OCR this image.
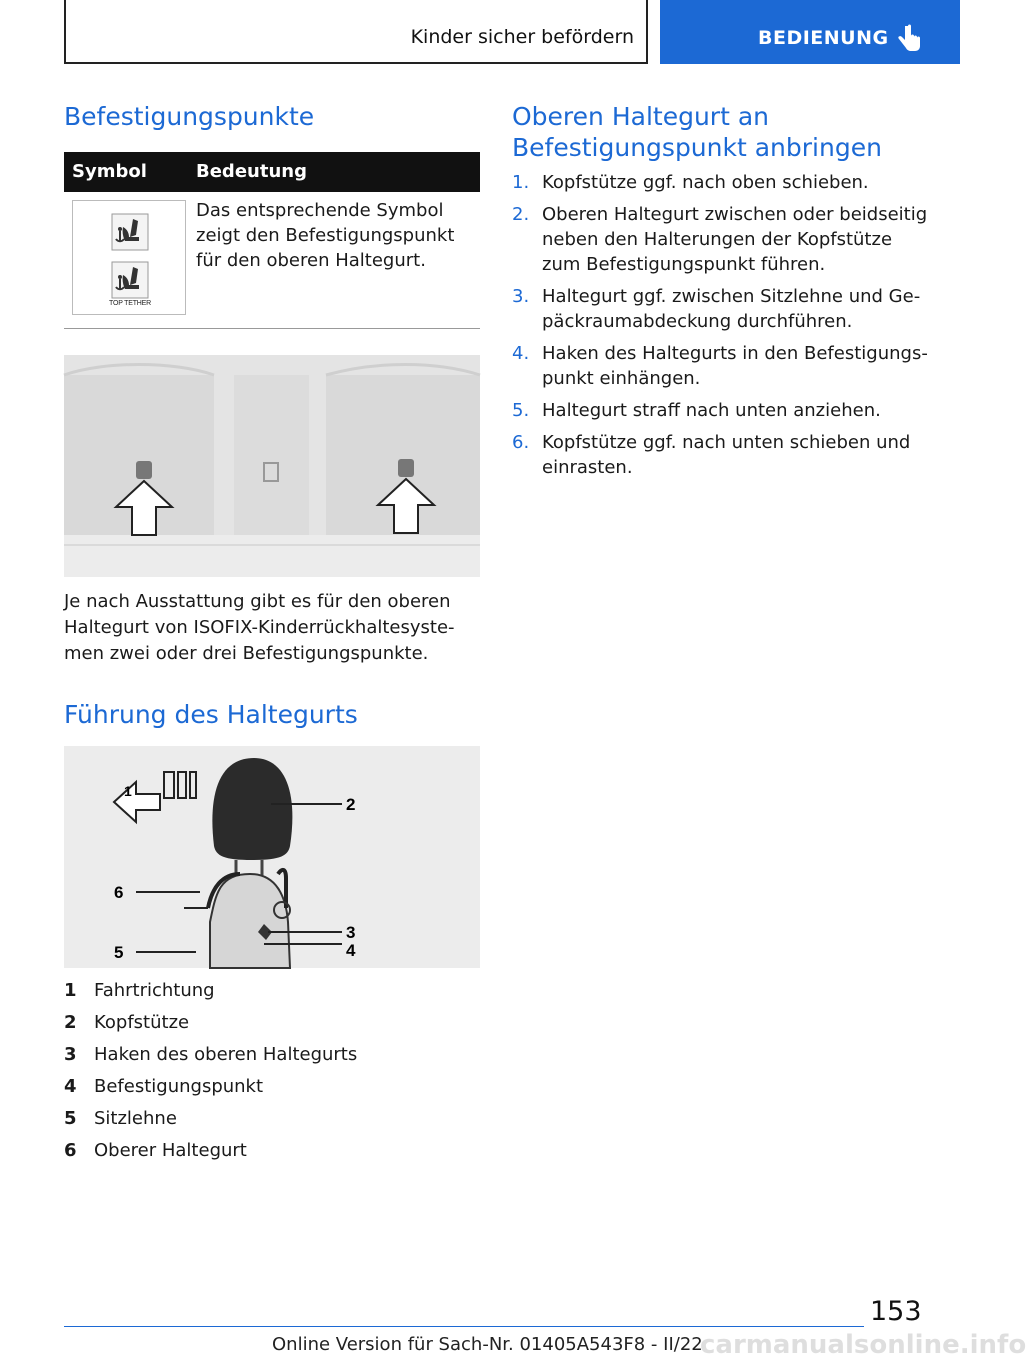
Kinder sicher befördern	BEDIENUNG
Befestigungspunkte
Symbol	Bedeutung
TOP TETHER
Das entsprechende Symbol zeigt den Befestigungspunkt für den oberen Haltegurt.
Je nach Ausstattung gibt es für den oberen Haltegurt von ISOFIX-Kinderrückhaltesyste- men zwei oder drei Befestigungspunkte.
Führung des Haltegurts
1
2
3
4
5
6
1 Fahrtrichtung
2 Kopfstütze
3 Haken des oberen Haltegurts
4 Befestigungspunkt
5 Sitzlehne
6 Oberer Haltegurt
Oberen Haltegurt an Befestigungspunkt anbringen
1. Kopfstütze ggf. nach oben schieben.
2. Oberen Haltegurt zwischen oder beidseitig neben den Halterungen der Kopfstütze zum Befestigungspunkt führen.
3. Haltegurt ggf. zwischen Sitzlehne und Ge- päckraumabdeckung durchführen.
4. Haken des Haltegurts in den Befestigungs- punkt einhängen.
5. Haltegurt straff nach unten anziehen.
6. Kopfstütze ggf. nach unten schieben und einrasten.
153
Online Version für Sach-Nr. 01405A543F8 - II/22
carmanualsonline.info
